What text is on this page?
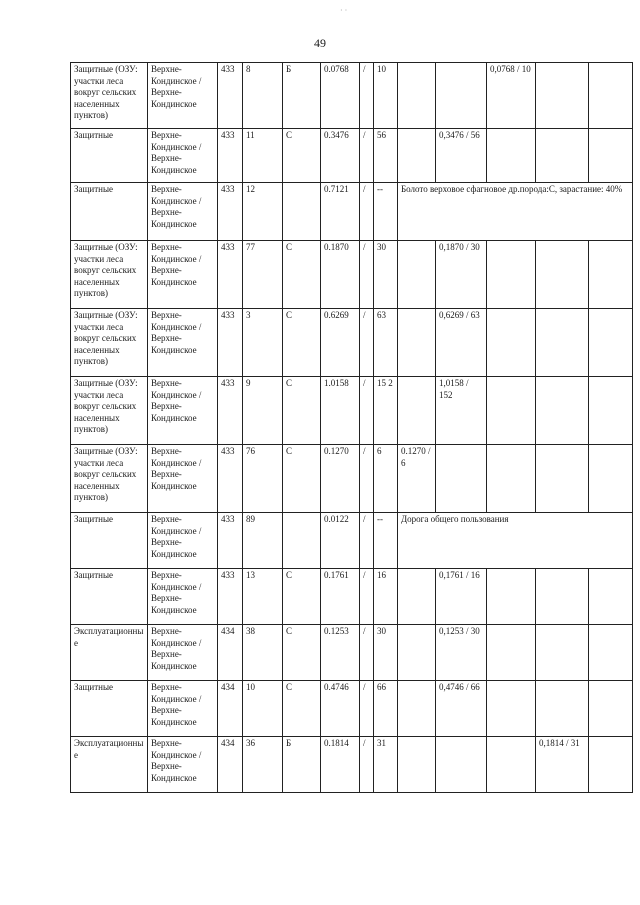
49
Защитные (ОЗУ: участки леса вокруг сельских населенных пунктов)	Верхне-Кондинское / Верхне-Кондинское	433	8	Б	0.0768	/	10			0,0768 / 10		
Защитные	Верхне-Кондинское / Верхне-Кондинское	433	11	С	0.3476	/	56		0,3476 / 56			
Защитные	Верхне-Кондинское / Верхне-Кондинское	433	12		0.7121	/	--	Болото верховое сфагновое др.порода:С, зарастание: 40%				
Защитные (ОЗУ: участки леса вокруг сельских населенных пунктов)	Верхне-Кондинское / Верхне-Кондинское	433	77	С	0.1870	/	30		0,1870 / 30			
Защитные (ОЗУ: участки леса вокруг сельских населенных пунктов)	Верхне-Кондинское / Верхне-Кондинское	433	3	С	0.6269	/	63		0,6269 / 63			
Защитные (ОЗУ: участки леса вокруг сельских населенных пунктов)	Верхне-Кондинское / Верхне-Кондинское	433	9	С	1.0158	/	15 2		1,0158 / 152			
Защитные (ОЗУ: участки леса вокруг сельских населенных пунктов)	Верхне-Кондинское / Верхне-Кондинское	433	76	С	0.1270	/	6	0.1270 / 6				
Защитные	Верхне-Кондинское / Верхне-Кондинское	433	89		0.0122	/	--	Дорога общего пользования				
Защитные	Верхне-Кондинское / Верхне-Кондинское	433	13	С	0.1761	/	16		0,1761 / 16			
Эксплуатационные	Верхне-Кондинское / Верхне-Кондинское	434	38	С	0.1253	/	30		0,1253 / 30			
Защитные	Верхне-Кондинское / Верхне-Кондинское	434	10	С	0.4746	/	66		0,4746 / 66			
Эксплуатационные	Верхне-Кондинское / Верхне-Кондинское	434	36	Б	0.1814	/	31				0,1814 / 31	
· ·
